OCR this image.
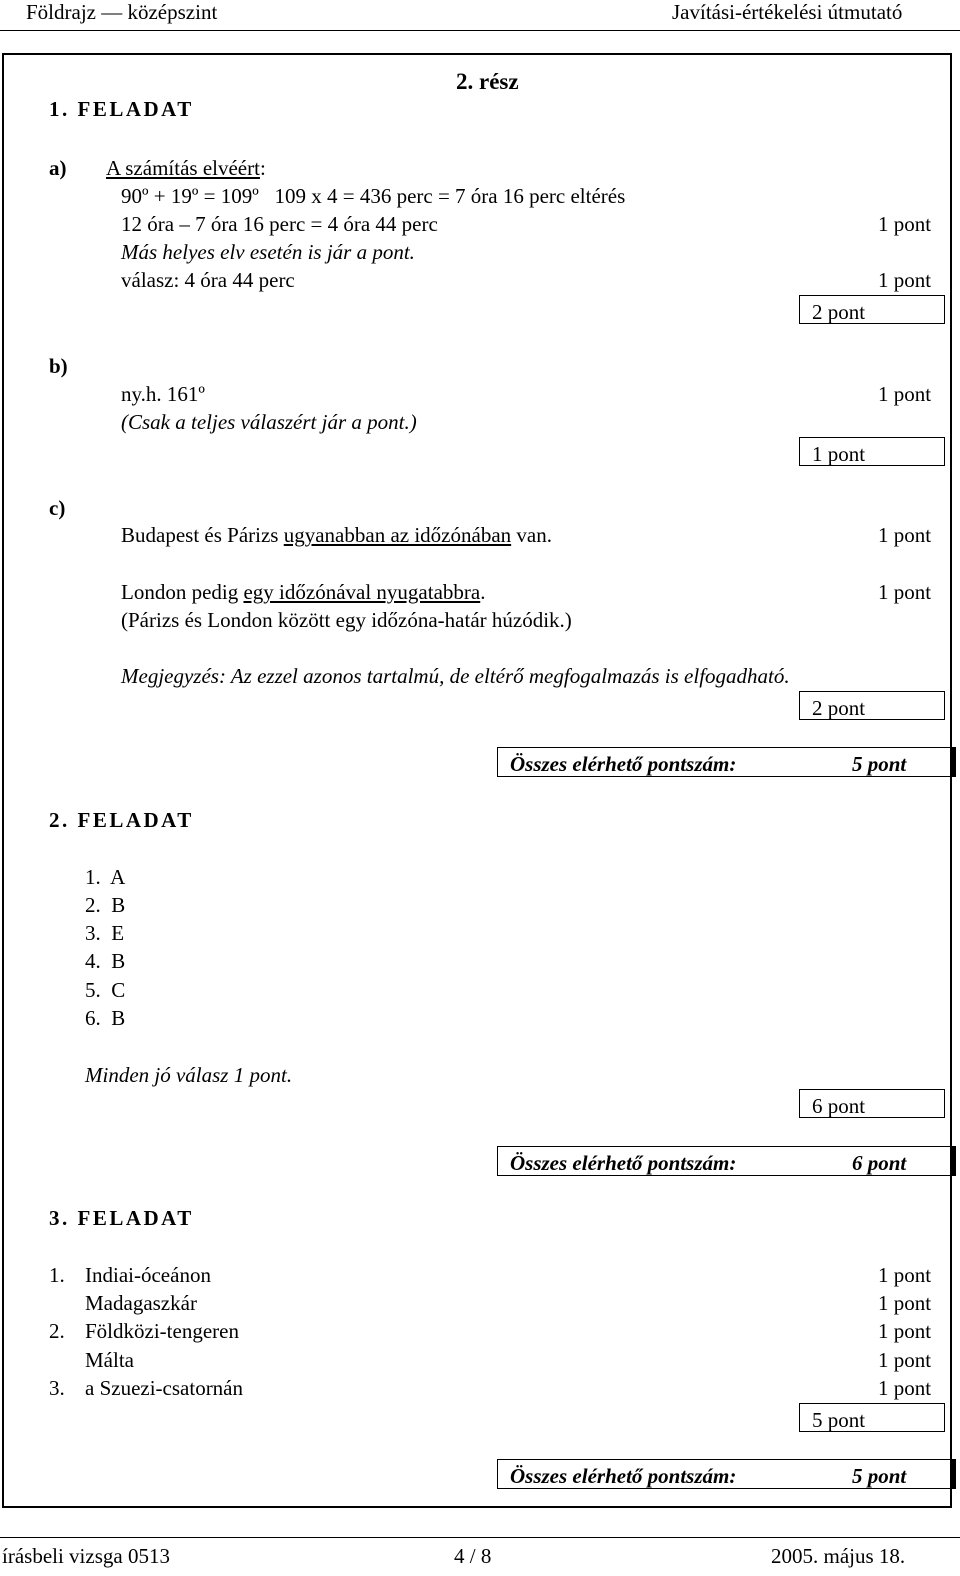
Földrajz — középszint	Javítási-értékelési útmutató
2. rész
1. FELADAT
a) A számítás elvéért:
90º + 19º = 109º   109 x 4 = 436 perc = 7 óra 16 perc eltérés
12 óra – 7 óra 16 perc = 4 óra 44 perc	1 pont
Más helyes elv esetén is jár a pont.
válasz: 4 óra 44 perc	1 pont
2 pont
b)
ny.h. 161º	1 pont
(Csak a teljes válaszért jár a pont.)
1 pont
c)
Budapest és Párizs ugyanabban az időzónában van.	1 pont
London pedig egy időzónával nyugatabbra.	1 pont
(Párizs és London között egy időzóna-határ húzódik.)
Megjegyzés: Az ezzel azonos tartalmú, de eltérő megfogalmazás is elfogadható.
2 pont
Összes elérhető pontszám:	5 pont
2. FELADAT
1.  A
2.  B
3.  E
4.  B
5.  C
6.  B
Minden jó válasz 1 pont.
6 pont
Összes elérhető pontszám:	6 pont
3. FELADAT
1. Indiai-óceánon	1 pont
Madagaszkár	1 pont
2. Földközi-tengeren	1 pont
Málta	1 pont
3. a Szuezi-csatornán	1 pont
5 pont
Összes elérhető pontszám:	5 pont
írásbeli vizsga 0513	4 / 8	2005. május 18.
